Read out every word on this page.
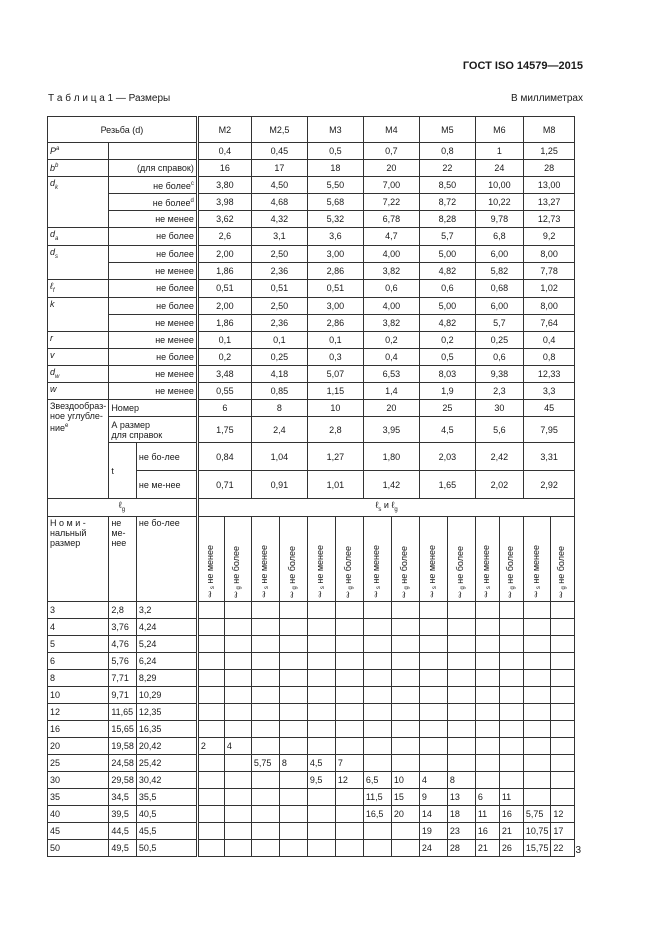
ГОСТ ISO 14579—2015
Т а б л и ц а 1 — Размеры	В миллиметрах
3
Резьба (d)			M2		M2,5		M3		M4		M5		M6		M8	
$P^a$			0,4		0,45		0,5		0,7		0,8		1		1,25	
$b^b$	(для справок)		16		17		18		20		22		24		28	
$d_k$	не более$^c$		3,80		4,50		5,50		7,00		8,50		10,00		13,00	
	не более$^d$		3,98		4,68		5,68		7,22		8,72		10,22		13,27	
	не менее		3,62		4,32		5,32		6,78		8,28		9,78		12,73	
$d_a$	не более		2,6		3,1		3,6		4,7		5,7		6,8		9,2	
$d_s$	не более		2,00		2,50		3,00		4,00		5,00		6,00		8,00	
	не менее		1,86		2,36		2,86		3,82		4,82		5,82		7,78	
ℓ$_f$	не более		0,51		0,51		0,51		0,6		0,6		0,68		1,02	
k	не более		2,00		2,50		3,00		4,00		5,00		6,00		8,00	
	не менее		1,86		2,36		2,86		3,82		4,82		5,7		7,64	
r	не менее		0,1		0,1		0,1		0,2		0,2		0,25		0,4	
v	не более		0,2		0,25		0,3		0,4		0,5		0,6		0,8	
$d_w$	не менее		3,48		4,18		5,07		6,53		8,03		9,38		12,33	
w	не менее		0,55		0,85		1,15		1,4		1,9		2,3		3,3	
Звездообраз-ное углубле-ние$^e$	Номер		6		8		10		20		25		30		45	
	А размер
для справок		1,75		2,4		2,8		3,95		4,5		5,6		7,95	
	t	не бо-лее	0,84		1,04		1,27		1,80		2,03		2,42		3,31	
		не ме-нее	0,71		0,91		1,01		1,42		1,65		2,02		2,92	
ℓ$_g$			ℓ$_s$ и ℓ$_g$
Н о м и - нальный размер	не ме-нее	не бо-лее	ℓ$_s$ не менее	ℓ$_g$ не более	ℓ$_s$ не менее	ℓ$_g$ не более	ℓ$_s$ не менее	ℓ$_g$ не более	ℓ$_s$ не менее	ℓ$_g$ не более	ℓ$_s$ не менее	ℓ$_g$ не более	ℓ$_s$ не менее	ℓ$_g$ не более	ℓ$_s$ не менее	ℓ$_g$ не более

3	2,8	3,2														
4	3,76	4,24														
5	4,76	5,24														
6	5,76	6,24														
8	7,71	8,29														
10	9,71	10,29														
12	11,65	12,35														
16	15,65	16,35														
20	19,58	20,42	2	4												
25	24,58	25,42			5,75	8	4,5	7								
30	29,58	30,42					9,5	12	6,5	10	4	8				
35	34,5	35,5							11,5	15	9	13	6	11		
40	39,5	40,5							16,5	20	14	18	11	16	5,75	12
45	44,5	45,5									19	23	16	21	10,75	17
50	49,5	50,5									24	28	21	26	15,75	22
